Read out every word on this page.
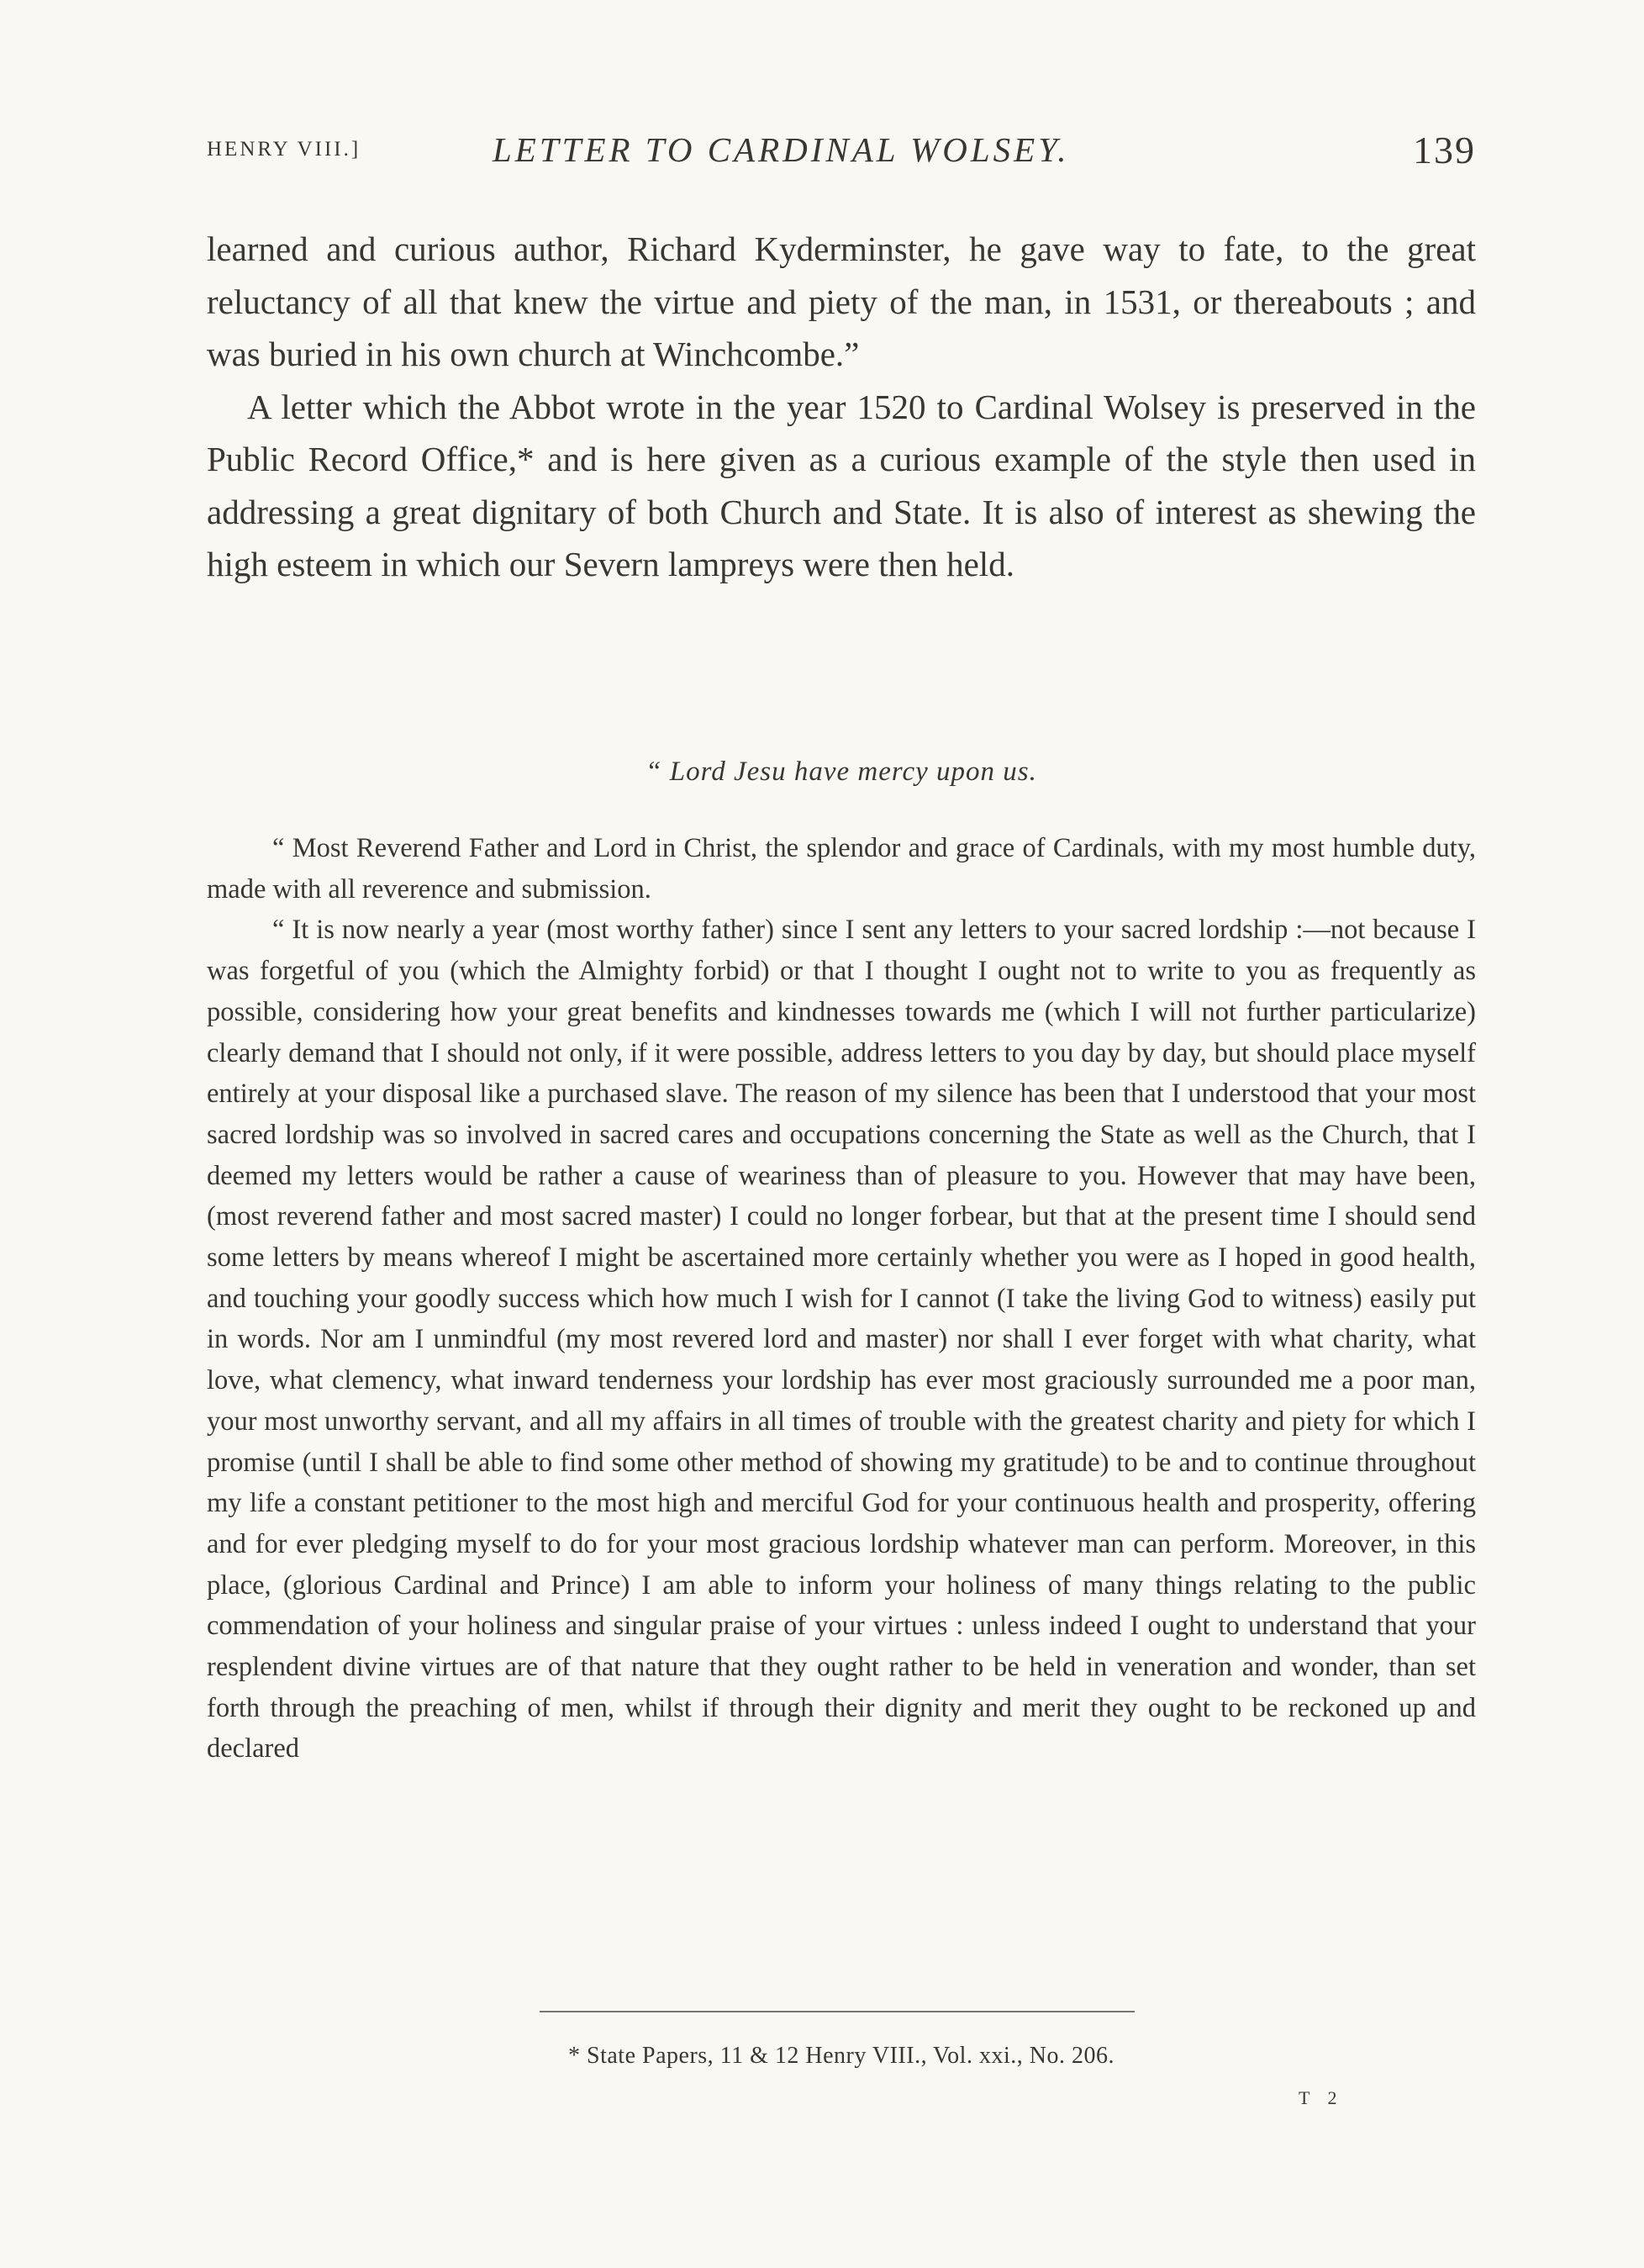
HENRY VIII.]	LETTER TO CARDINAL WOLSEY.	139

learned and curious author, Richard Kyderminster, he gave way to fate, to the great reluctancy of all that knew the virtue and piety of the man, in 1531, or thereabouts ; and was buried in his own church at Winchcombe.”

A letter which the Abbot wrote in the year 1520 to Cardinal Wolsey is preserved in the Public Record Office,* and is here given as a curious example of the style then used in addressing a great dignitary of both Church and State. It is also of interest as shewing the high esteem in which our Severn lampreys were then held.

“ Lord Jesu have mercy upon us.

“ Most Reverend Father and Lord in Christ, the splendor and grace of Cardinals, with my most humble duty, made with all reverence and submission.

“ It is now nearly a year (most worthy father) since I sent any letters to your sacred lordship :—not because I was forgetful of you (which the Almighty forbid) or that I thought I ought not to write to you as frequently as possible, considering how your great benefits and kindnesses towards me (which I will not further particularize) clearly demand that I should not only, if it were possible, address letters to you day by day, but should place myself entirely at your disposal like a purchased slave. The reason of my silence has been that I understood that your most sacred lordship was so involved in sacred cares and occupations concerning the State as well as the Church, that I deemed my letters would be rather a cause of weariness than of pleasure to you. However that may have been, (most reverend father and most sacred master) I could no longer forbear, but that at the present time I should send some letters by means whereof I might be ascertained more certainly whether you were as I hoped in good health, and touching your goodly success which how much I wish for I cannot (I take the living God to witness) easily put in words. Nor am I unmindful (my most revered lord and master) nor shall I ever forget with what charity, what love, what clemency, what inward tenderness your lordship has ever most graciously surrounded me a poor man, your most unworthy servant, and all my affairs in all times of trouble with the greatest charity and piety for which I promise (until I shall be able to find some other method of showing my gratitude) to be and to continue throughout my life a constant petitioner to the most high and merciful God for your continuous health and prosperity, offering and for ever pledging myself to do for your most gracious lordship whatever man can perform. Moreover, in this place, (glorious Cardinal and Prince) I am able to inform your holiness of many things relating to the public commendation of your holiness and singular praise of your virtues : unless indeed I ought to understand that your resplendent divine virtues are of that nature that they ought rather to be held in veneration and wonder, than set forth through the preaching of men, whilst if through their dignity and merit they ought to be reckoned up and declared

* State Papers, 11 & 12 Henry VIII., Vol. xxi., No. 206.
T 2
